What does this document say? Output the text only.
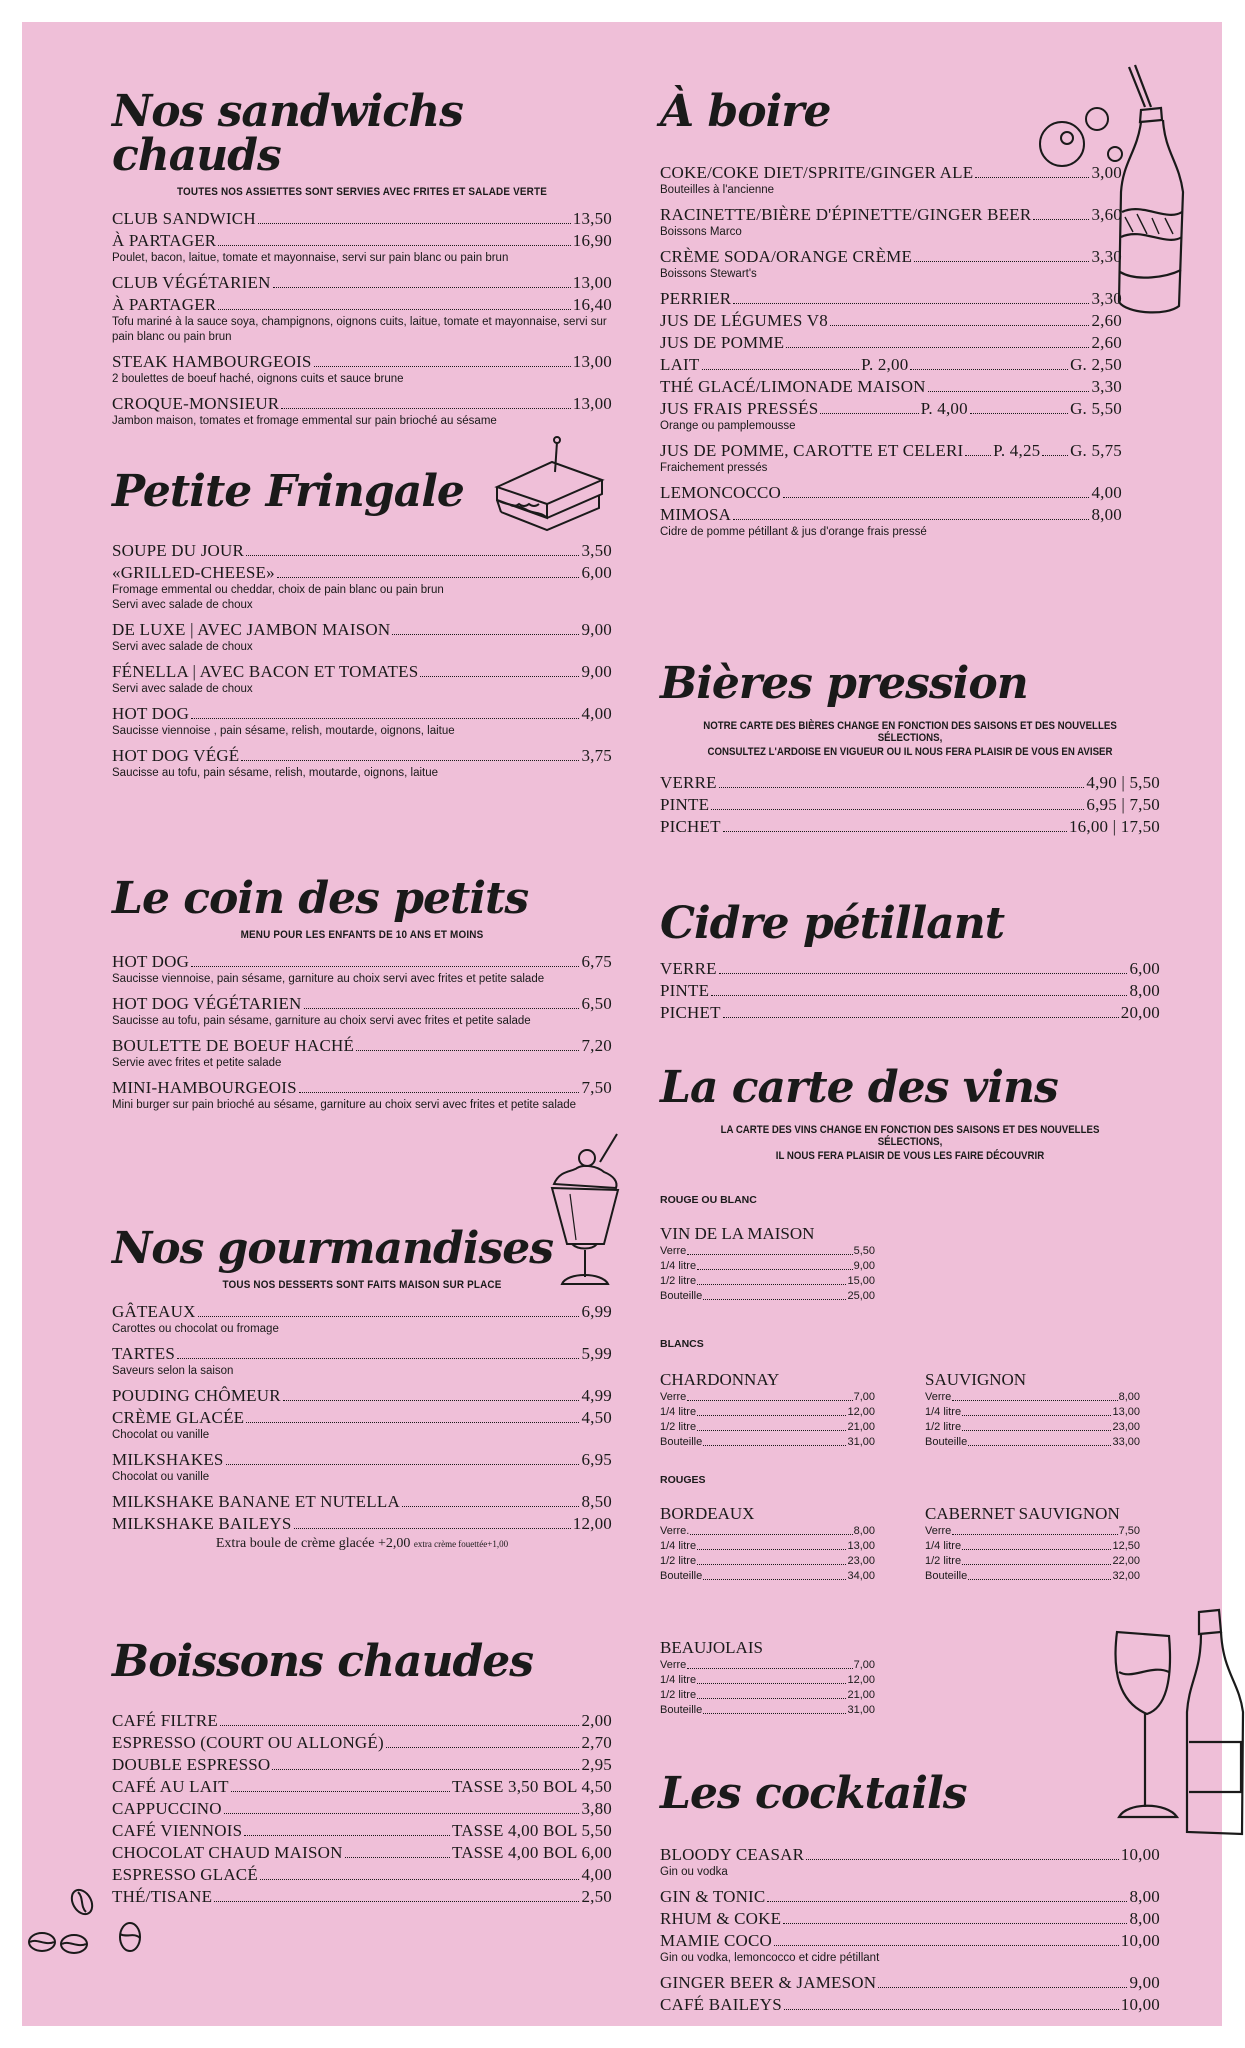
Nos sandwichs chauds
TOUTES NOS ASSIETTES SONT SERVIES AVEC FRITES ET SALADE VERTE
CLUB SANDWICH	13,50
À PARTAGER	16,90
Poulet, bacon, laitue, tomate et mayonnaise, servi sur pain blanc ou pain brun
CLUB VÉGÉTARIEN	13,00
À PARTAGER	16,40
Tofu mariné à la sauce soya, champignons, oignons cuits, laitue, tomate et mayonnaise, servi sur pain blanc ou pain brun
STEAK HAMBOURGEOIS	13,00
2 boulettes de boeuf haché, oignons cuits et sauce brune
CROQUE-MONSIEUR	13,00
Jambon maison, tomates et fromage emmental sur pain brioché au sésame
Petite Fringale
SOUPE DU JOUR	3,50
«GRILLED-CHEESE»	6,00
Fromage emmental ou cheddar, choix de pain blanc ou pain brun
Servi avec salade de choux
DE LUXE | AVEC JAMBON MAISON	9,00
Servi avec salade de choux
FÉNELLA | AVEC BACON ET TOMATES	9,00
Servi avec salade de choux
HOT DOG	4,00
Saucisse viennoise , pain sésame, relish, moutarde, oignons, laitue
HOT DOG VÉGÉ	3,75
Saucisse au tofu, pain sésame, relish, moutarde, oignons, laitue
Le coin des petits
MENU POUR LES ENFANTS DE 10 ANS ET MOINS
HOT DOG	6,75
Saucisse viennoise, pain sésame, garniture au choix servi avec frites et petite salade
HOT DOG VÉGÉTARIEN	6,50
Saucisse au tofu, pain sésame, garniture au choix servi avec frites et petite salade
BOULETTE DE BOEUF HACHÉ	7,20
Servie avec frites et petite salade
MINI-HAMBOURGEOIS	7,50
Mini burger sur pain brioché au sésame, garniture au choix servi avec frites et petite salade
Nos gourmandises
TOUS NOS DESSERTS SONT FAITS MAISON SUR PLACE
GÂTEAUX	6,99
Carottes ou chocolat ou fromage
TARTES	5,99
Saveurs selon la saison
POUDING CHÔMEUR	4,99
CRÈME GLACÉE	4,50
Chocolat ou vanille
MILKSHAKES	6,95
Chocolat ou vanille
MILKSHAKE BANANE ET NUTELLA	8,50
MILKSHAKE BAILEYS	12,00
Extra boule de crème glacée +2,00 extra crème fouettée+1,00
Boissons chaudes
CAFÉ FILTRE	2,00
ESPRESSO (COURT OU ALLONGÉ)	2,70
DOUBLE ESPRESSO	2,95
CAFÉ AU LAIT	TASSE 3,50 BOL 4,50
CAPPUCCINO	3,80
CAFÉ VIENNOIS	TASSE 4,00 BOL 5,50
CHOCOLAT CHAUD MAISON	TASSE 4,00 BOL 6,00
ESPRESSO GLACÉ	4,00
THÉ/TISANE	2,50
À boire
COKE/COKE DIET/SPRITE/GINGER ALE	3,00
Bouteilles à l'ancienne
RACINETTE/BIÈRE D'ÉPINETTE/GINGER BEER	3,60
Boissons Marco
CRÈME SODA/ORANGE CRÈME	3,30
Boissons Stewart's
PERRIER	3,30
JUS DE LÉGUMES V8	2,60
JUS DE POMME	2,60
LAIT	P. 2,00	G. 2,50
THÉ GLACÉ/LIMONADE MAISON	3,30
JUS FRAIS PRESSÉS	P. 4,00	G. 5,50
Orange ou pamplemousse
JUS DE POMME, CAROTTE ET CELERI P. 4,25 G. 5,75
Fraichement pressés
LEMONCOCCO	4,00
MIMOSA	8,00
Cidre de pomme pétillant & jus d'orange frais pressé
Bières pression
NOTRE CARTE DES BIÈRES CHANGE EN FONCTION DES SAISONS ET DES NOUVELLES SÉLECTIONS,
CONSULTEZ L'ARDOISE EN VIGUEUR OU IL NOUS FERA PLAISIR DE VOUS EN AVISER
VERRE	4,90 | 5,50
PINTE	6,95 | 7,50
PICHET	16,00 | 17,50
Cidre pétillant
VERRE	6,00
PINTE	8,00
PICHET	20,00
La carte des vins
LA CARTE DES VINS CHANGE EN FONCTION DES SAISONS ET DES NOUVELLES SÉLECTIONS,
IL NOUS FERA PLAISIR DE VOUS LES FAIRE DÉCOUVRIR
ROUGE OU BLANC
VIN DE LA MAISON
Verre	5,50
1/4 litre	9,00
1/2 litre	15,00
Bouteille	25,00
BLANCS
CHARDONNAY
Verre	7,00
1/4 litre	12,00
1/2 litre	21,00
Bouteille	31,00
SAUVIGNON
Verre	8,00
1/4 litre	13,00
1/2 litre	23,00
Bouteille	33,00
ROUGES
BORDEAUX
Verre.	8,00
1/4 litre	13,00
1/2 litre	23,00
Bouteille	34,00
CABERNET SAUVIGNON
Verre	7,50
1/4 litre	12,50
1/2 litre	22,00
Bouteille	32,00
BEAUJOLAIS
Verre	7,00
1/4 litre	12,00
1/2 litre	21,00
Bouteille	31,00
Les cocktails
BLOODY CEASAR	10,00
Gin ou vodka
GIN & TONIC	8,00
RHUM & COKE	8,00
MAMIE COCO	10,00
Gin ou vodka, lemoncocco et cidre pétillant
GINGER BEER & JAMESON	9,00
CAFÉ BAILEYS	10,00
